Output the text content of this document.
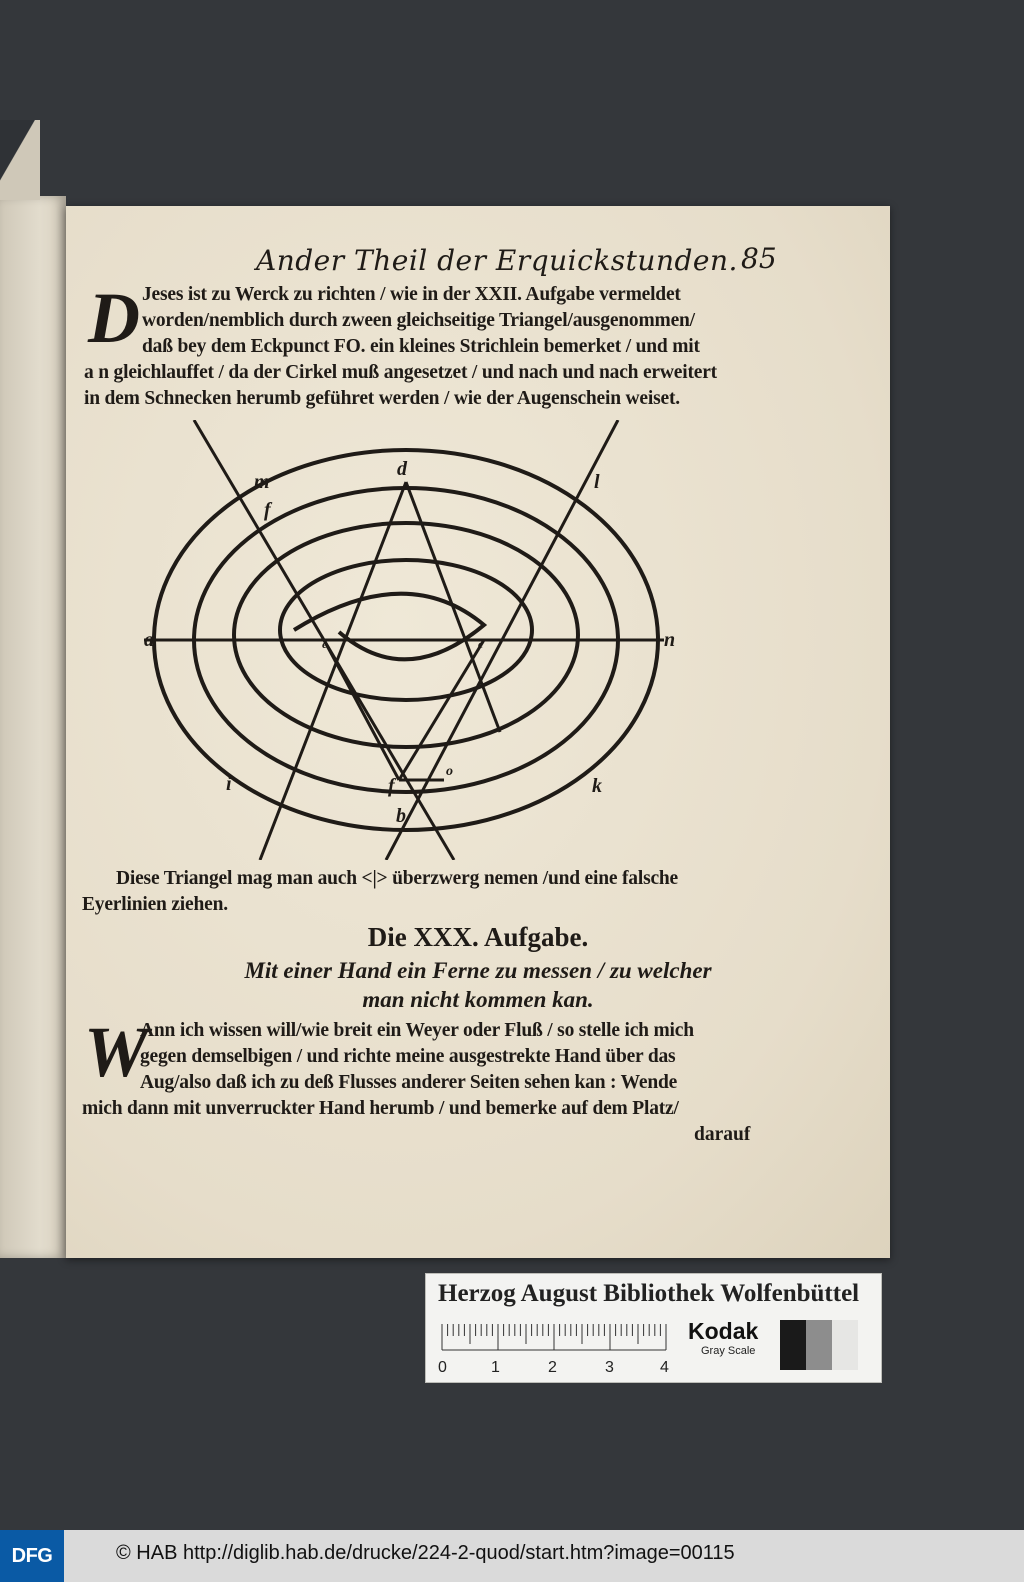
Ander Theil der Erquickstunden. 85
D Jeses ist zu Werck zu richten / wie in der XXII. Aufgabe vermeldet
worden/nemblich durch zween gleichseitige Triangel/ausgenommen/
daß bey dem Eckpunct FO. ein kleines Strichlein bemerket / und mit
a n gleichlauffet / da der Cirkel muß angesetzet / und nach und nach erweitert
in dem Schnecken herumb geführet werden / wie der Augenschein weiset.
m
f
d
l
a	e	c	n
i	f
o
k
b
Diese Triangel mag man auch <|> überzwerg nemen /und eine falsche
Eyerlinien ziehen.
Die XXX. Aufgabe.
Mit einer Hand ein Ferne zu messen / zu welcher
man nicht kommen kan.
W
Ann ich wissen will/wie breit ein Weyer oder Fluß / so stelle ich mich
gegen demselbigen / und richte meine ausgestrekte Hand über das
Aug/also daß ich zu deß Flusses anderer Seiten sehen kan : Wende
mich dann mit unverruckter Hand herumb / und bemerke auf dem Platz/
darauf
Herzog August Bibliothek Wolfenbüttel
0	1	2	3	4
Kodak
Gray Scale
DFG	© HAB http://diglib.hab.de/drucke/224-2-quod/start.htm?image=00115
